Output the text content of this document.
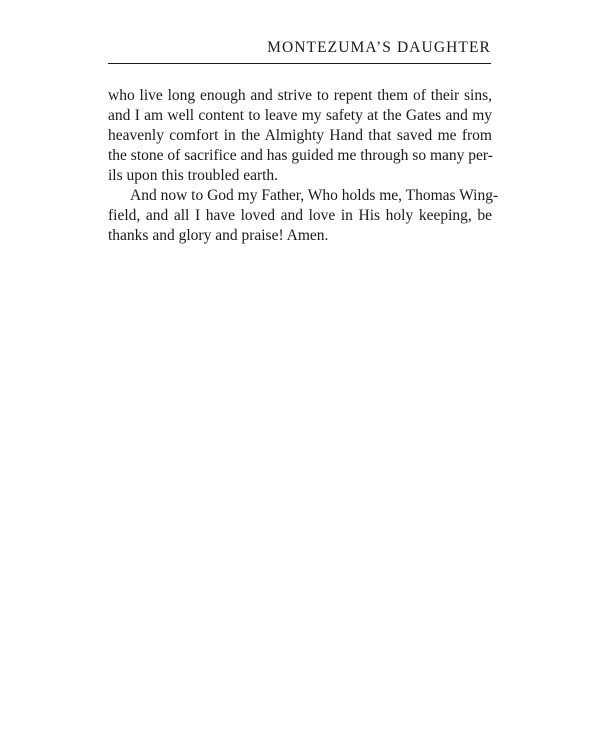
MONTEZUMA’S DAUGHTER
who live long enough and strive to repent them of their sins,
and I am well content to leave my safety at the Gates and my
heavenly comfort in the Almighty Hand that saved me from
the stone of sacrifice and has guided me through so many per-
ils upon this troubled earth.
And now to God my Father, Who holds me, Thomas Wing-
field, and all I have loved and love in His holy keeping, be
thanks and glory and praise! Amen.
